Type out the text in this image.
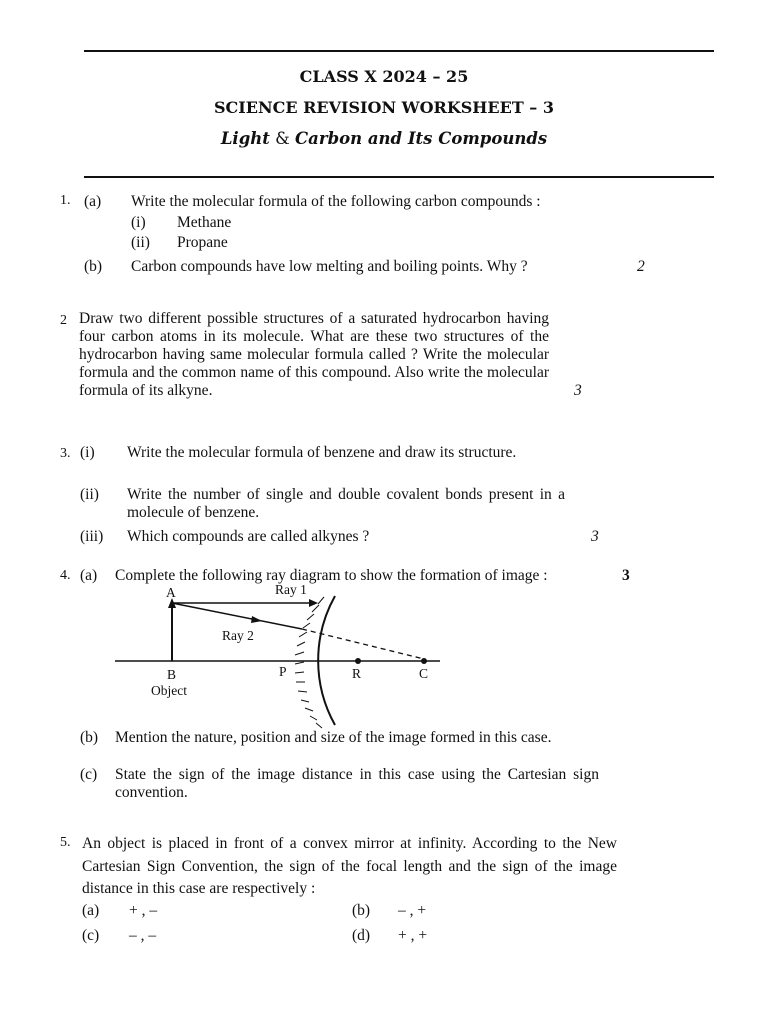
CLASS X 2024 – 25
SCIENCE REVISION WORKSHEET – 3
Light & Carbon and Its Compounds
1. (a) Write the molecular formula of the following carbon compounds :
(i) Methane
(ii) Propane
(b) Carbon compounds have low melting and boiling points. Why ?	2
2 Draw two different possible structures of a saturated hydrocarbon having four carbon atoms in its molecule. What are these two structures of the hydrocarbon having same molecular formula called ? Write the molecular formula and the common name of this compound. Also write the molecular formula of its alkyne.	3
3. (i) Write the molecular formula of benzene and draw its structure.
(ii) Write the number of single and double covalent bonds present in a molecule of benzene.
(iii) Which compounds are called alkynes ?	3
4. (a) Complete the following ray diagram to show the formation of image :	3
A	Ray 1
Ray 2
B
Object
P	R	C
(b) Mention the nature, position and size of the image formed in this case.
(c) State the sign of the image distance in this case using the Cartesian sign convention.
5. An object is placed in front of a convex mirror at infinity. According to the New Cartesian Sign Convention, the sign of the focal length and the sign of the image distance in this case are respectively :
(a) + , –	(b) – , +
(c) – , –	(d) + , +
